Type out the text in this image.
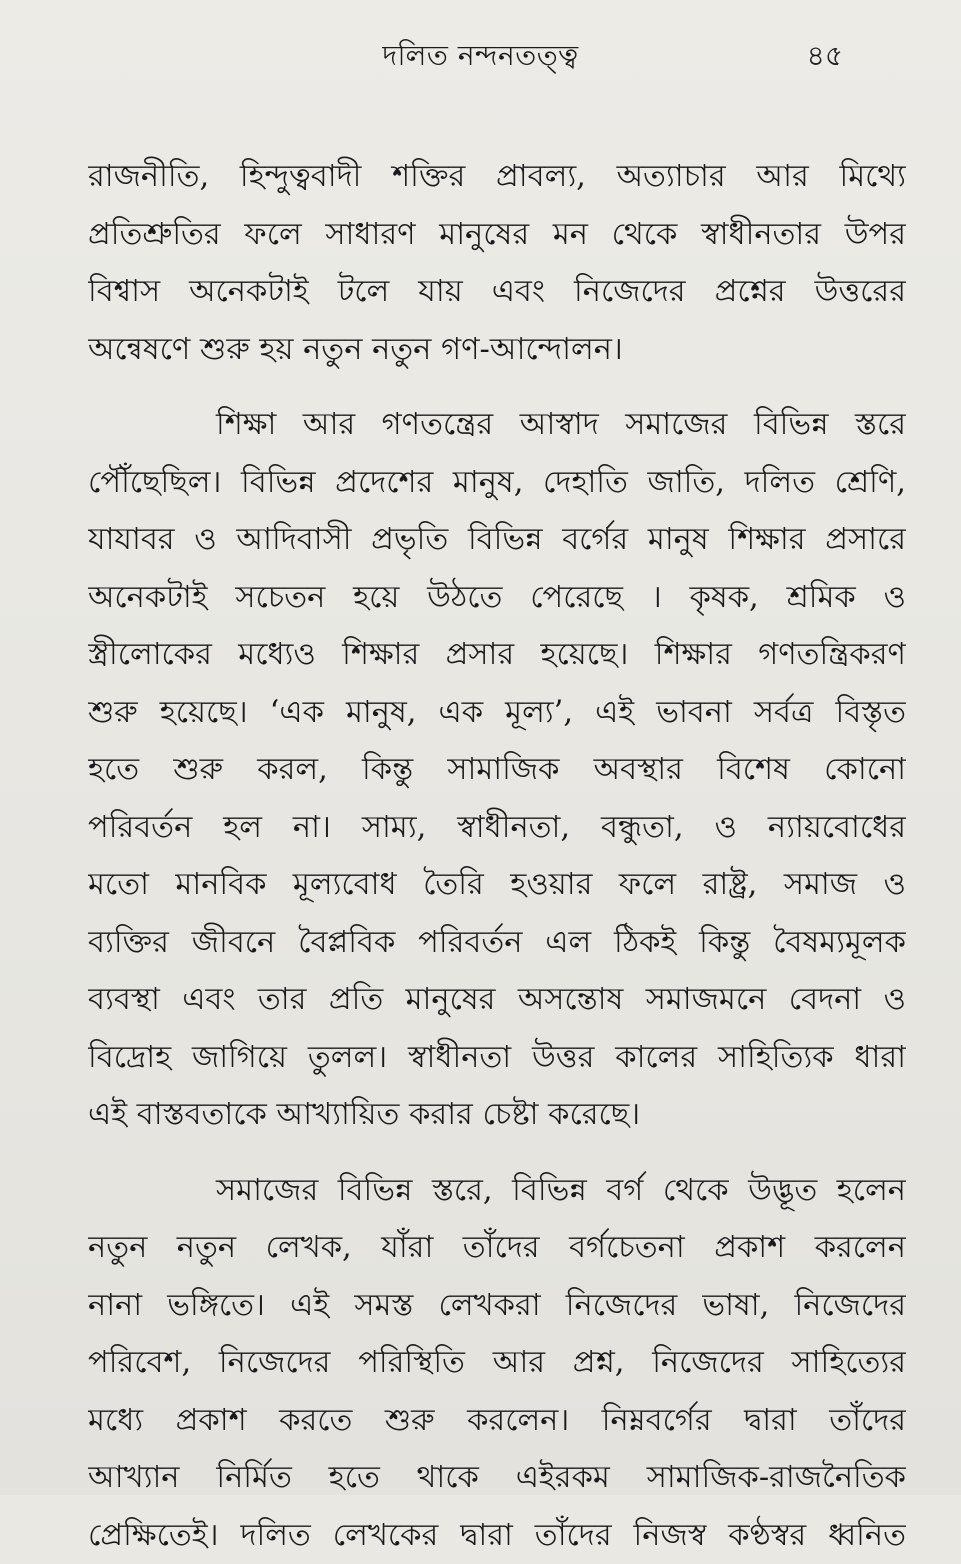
দলিত নন্দনতত্ত্ব	৪৫
রাজনীতি, হিন্দুত্ববাদী শক্তির প্রাবল্য, অত্যাচার আর মিথ্যে
প্রতিশ্রুতির ফলে সাধারণ মানুষের মন থেকে স্বাধীনতার উপর
বিশ্বাস অনেকটাই টলে যায় এবং নিজেদের প্রশ্নের উত্তরের
অন্বেষণে শুরু হয় নতুন নতুন গণ-আন্দোলন।
শিক্ষা আর গণতন্ত্রের আস্বাদ সমাজের বিভিন্ন স্তরে
পৌঁছেছিল। বিভিন্ন প্রদেশের মানুষ, দেহাতি জাতি, দলিত শ্রেণি,
যাযাবর ও আদিবাসী প্রভৃতি বিভিন্ন বর্গের মানুষ শিক্ষার প্রসারে
অনেকটাই সচেতন হয়ে উঠতে পেরেছে । কৃষক, শ্রমিক ও
স্ত্রীলোকের মধ্যেও শিক্ষার প্রসার হয়েছে। শিক্ষার গণতন্ত্রিকরণ
শুরু হয়েছে। ‘এক মানুষ, এক মূল্য’, এই ভাবনা সর্বত্র বিস্তৃত
হতে শুরু করল, কিন্তু সামাজিক অবস্থার বিশেষ কোনো
পরিবর্তন হল না। সাম্য, স্বাধীনতা, বন্ধুতা, ও ন্যায়বোধের
মতো মানবিক মূল্যবোধ তৈরি হওয়ার ফলে রাষ্ট্র, সমাজ ও
ব্যক্তির জীবনে বৈপ্লবিক পরিবর্তন এল ঠিকই কিন্তু বৈষম্যমূলক
ব্যবস্থা এবং তার প্রতি মানুষের অসন্তোষ সমাজমনে বেদনা ও
বিদ্রোহ জাগিয়ে তুলল। স্বাধীনতা উত্তর কালের সাহিত্যিক ধারা
এই বাস্তবতাকে আখ্যায়িত করার চেষ্টা করেছে।
সমাজের বিভিন্ন স্তরে, বিভিন্ন বর্গ থেকে উদ্ভূত হলেন
নতুন নতুন লেখক, যাঁরা তাঁদের বর্গচেতনা প্রকাশ করলেন
নানা ভঙ্গিতে। এই সমস্ত লেখকরা নিজেদের ভাষা, নিজেদের
পরিবেশ, নিজেদের পরিস্থিতি আর প্রশ্ন, নিজেদের সাহিত্যের
মধ্যে প্রকাশ করতে শুরু করলেন। নিম্নবর্গের দ্বারা তাঁদের
আখ্যান নির্মিত হতে থাকে এইরকম সামাজিক-রাজনৈতিক
প্রেক্ষিতেই। দলিত লেখকের দ্বারা তাঁদের নিজস্ব কণ্ঠস্বর ধ্বনিত
